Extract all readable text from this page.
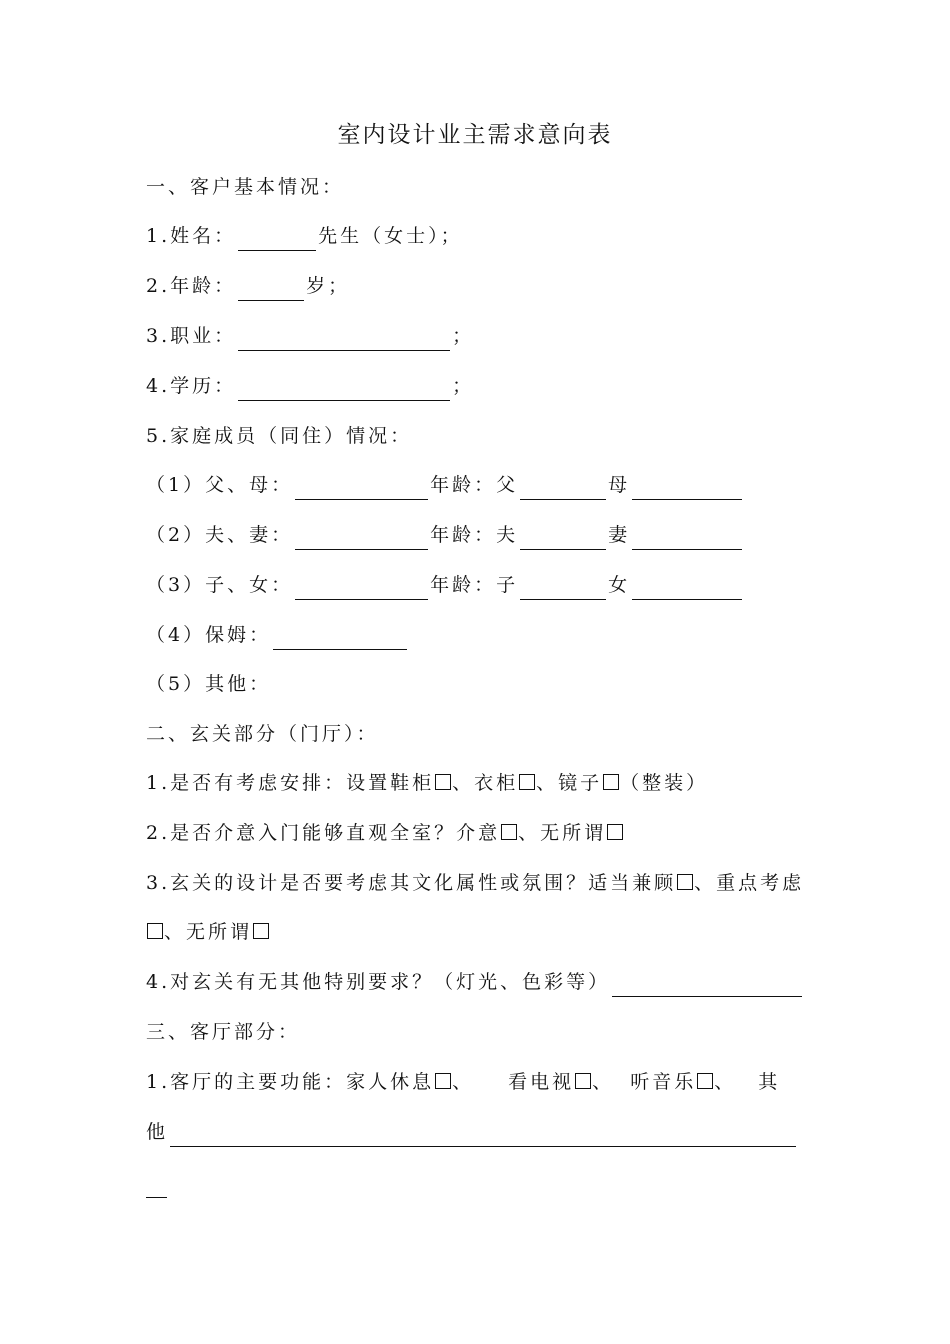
室内设计业主需求意向表
一、客户基本情况：
1.姓名：	先生（女士）；
2.年龄：	岁；
3.职业：	；
4.学历：	；
5.家庭成员（同住）情况：
（1）父、母：	年龄：父	母
（2）夫、妻：	年龄：夫	妻
（3）子、女：	年龄：子	女
（4）保姆：
（5）其他：
二、玄关部分（门厅）：
1.是否有考虑安排：设置鞋柜 、衣柜 、镜子 （整装）
2.是否介意入门能够直观全室？介意 、无所谓
3.玄关的设计是否要考虑其文化属性或氛围？适当兼顾 、重点考虑
、无所谓
4.对玄关有无其他特别要求？（灯光、色彩等）
三、客厅部分：
1.客厅的主要功能：家人休息 、 看电视 、 听音乐 、 其
他
